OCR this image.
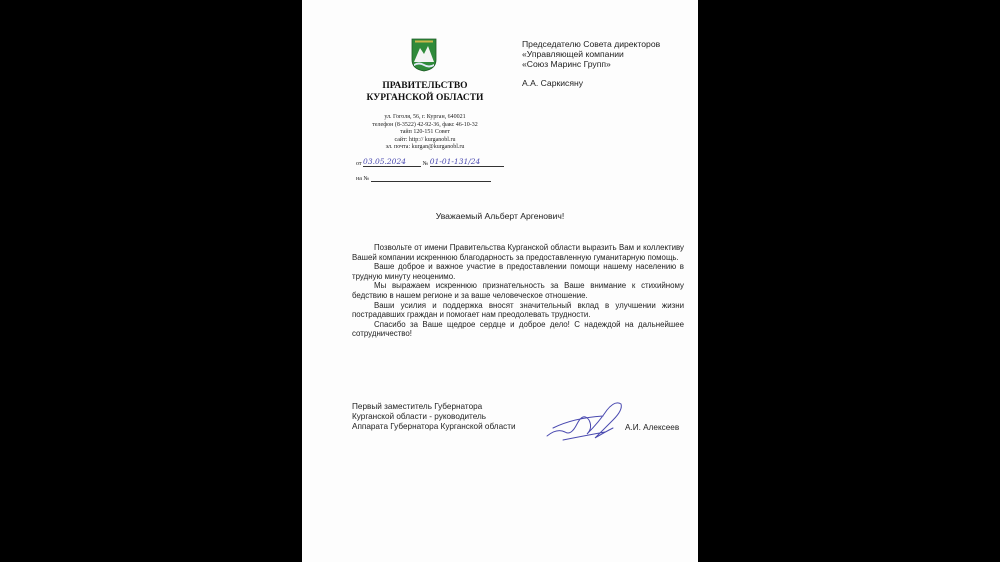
ПРАВИТЕЛЬСТВО
КУРГАНСКОЙ ОБЛАСТИ
ул. Гоголя, 56, г. Курган, 640021
телефон (8-3522) 42-92-36, факс 46-10-32
тайп 120-151 Совет
сайт: http:// kurganobl.ru
эл. почта: kurgan@kurganobl.ru
от 03.05.2024	№ 01-01-131/24
на №
Председателю Совета директоров
«Управляющей компании
«Союз Маринс Групп»
А.А. Саркисяну
Уважаемый Альберт Аргенович!

Позвольте от имени Правительства Курганской области выразить Вам и коллективу Вашей компании искреннюю благодарность за предоставленную гуманитарную помощь.

Ваше доброе и важное участие в предоставлении помощи нашему населению в трудную минуту неоценимо.

Мы выражаем искреннюю признательность за Ваше внимание к стихийному бедствию в нашем регионе и за ваше человеческое отношение.

Ваши усилия и поддержка вносят значительный вклад в улучшении жизни пострадавших граждан и помогает нам преодолевать трудности.

Спасибо за Ваше щедрое сердце и доброе дело! С надеждой на дальнейшее сотрудничество!

Первый заместитель Губернатора
Курганской области - руководитель
Аппарата Губернатора Курганской области	А.И. Алексеев
